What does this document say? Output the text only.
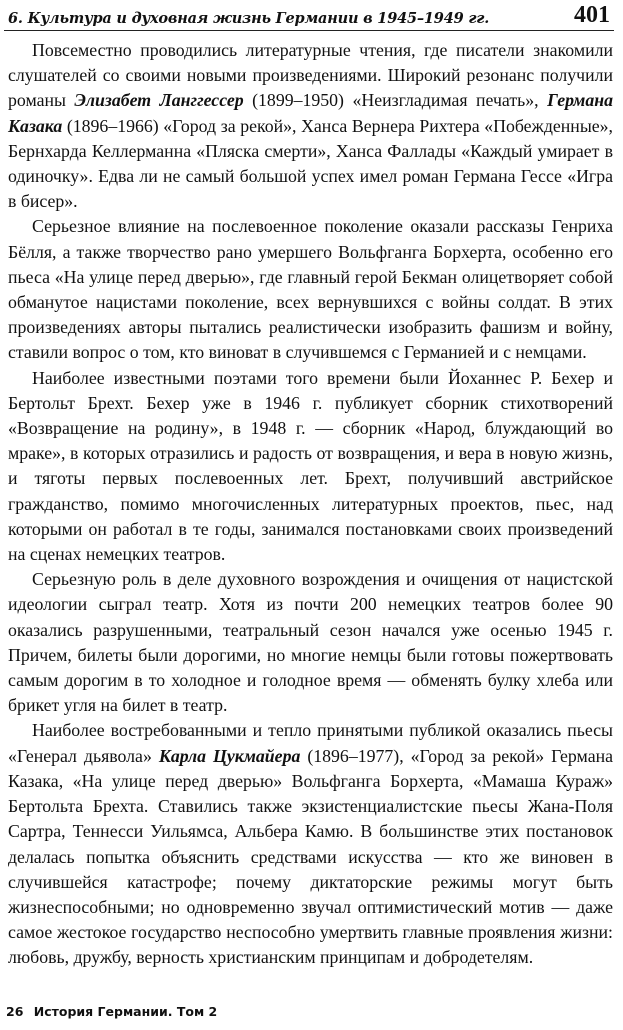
6. Культура и духовная жизнь Германии в 1945–1949 гг.	401

Повсеместно проводились литературные чтения, где писатели знакомили слушателей со своими новыми произведениями. Широкий резонанс получили романы Элизабет Ланггессер (1899–1950) «Неизгладимая печать», Германа Казака (1896–1966) «Город за рекой», Ханса Вернера Рихтера «Побежденные», Бернхарда Келлерманна «Пляска смерти», Ханса Фаллады «Каждый умирает в одиночку». Едва ли не самый большой успех имел роман Германа Гессе «Игра в бисер».

Серьезное влияние на послевоенное поколение оказали рассказы Генриха Бёлля, а также творчество рано умершего Вольфганга Борхерта, особенно его пьеса «На улице перед дверью», где главный герой Бекман олицетворяет собой обманутое нацистами поколение, всех вернувшихся с войны солдат. В этих произведениях авторы пытались реалистически изобразить фашизм и войну, ставили вопрос о том, кто виноват в случившемся с Германией и с немцами.

Наиболее известными поэтами того времени были Йоханнес Р. Бехер и Бертольт Брехт. Бехер уже в 1946 г. публикует сборник стихотворений «Возвращение на родину», в 1948 г. — сборник «Народ, блуждающий во мраке», в которых отразились и радость от возвращения, и вера в новую жизнь, и тяготы первых послевоенных лет. Брехт, получивший австрийское гражданство, помимо многочисленных литературных проектов, пьес, над которыми он работал в те годы, занимался постановками своих произведений на сценах немецких театров.

Серьезную роль в деле духовного возрождения и очищения от нацистской идеологии сыграл театр. Хотя из почти 200 немецких театров более 90 оказались разрушенными, театральный сезон начался уже осенью 1945 г. Причем, билеты были дорогими, но многие немцы были готовы пожертвовать самым дорогим в то холодное и голодное время — обменять булку хлеба или брикет угля на билет в театр.

Наиболее востребованными и тепло принятыми публикой оказались пьесы «Генерал дьявола» Карла Цукмайера (1896–1977), «Город за рекой» Германа Казака, «На улице перед дверью» Вольфганга Борхерта, «Мамаша Кураж» Бертольта Брехта. Ставились также экзистенциалистские пьесы Жана-Поля Сартра, Теннесси Уильямса, Альбера Камю. В большинстве этих постановок делалась попытка объяснить средствами искусства — кто же виновен в случившейся катастрофе; почему диктаторские режимы могут быть жизнеспособными; но одновременно звучал оптимистический мотив — даже самое жестокое государство неспособно умертвить главные проявления жизни: любовь, дружбу, верность христианским принципам и добродетелям.

26 История Германии. Том 2
